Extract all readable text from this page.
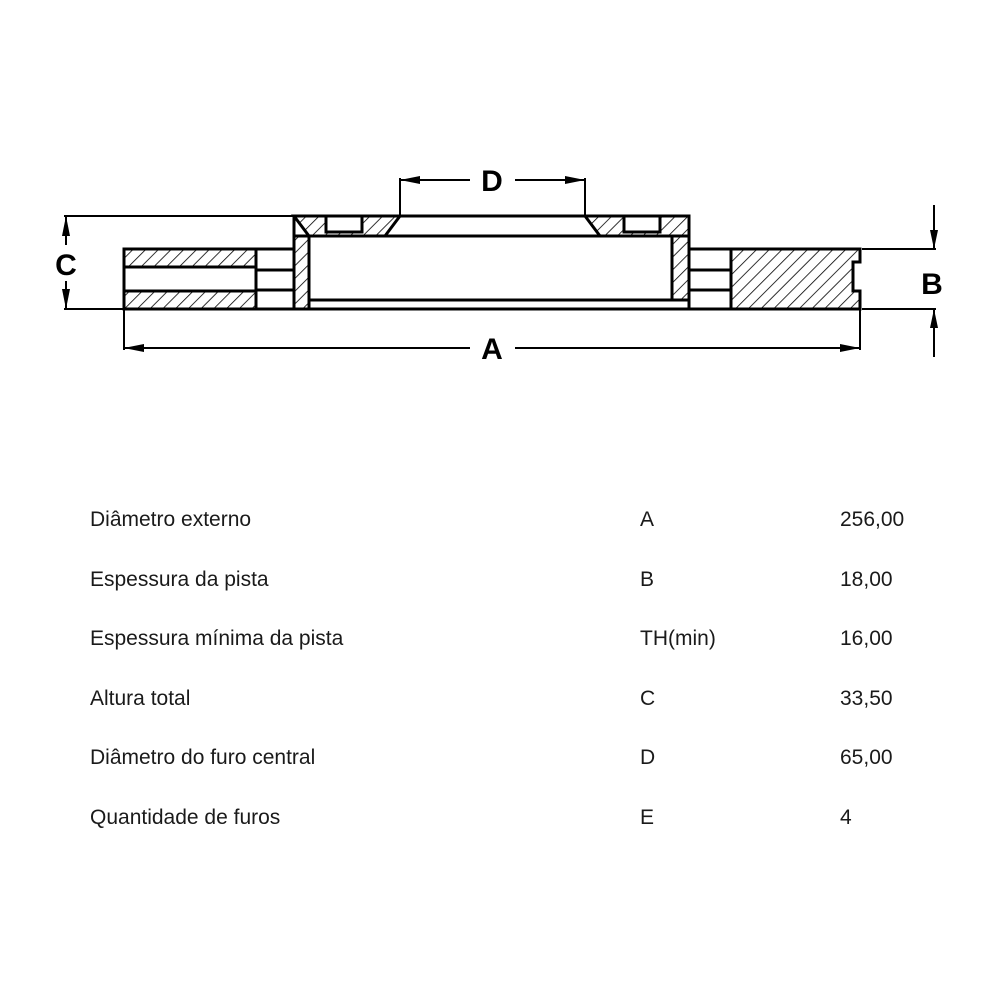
D
C
A
B
Diâmetro externo	A	256,00
Espessura da pista	B	18,00
Espessura mínima da pista	TH(min)	16,00
Altura total	C	33,50
Diâmetro do furo central	D	65,00
Quantidade de furos	E	4
